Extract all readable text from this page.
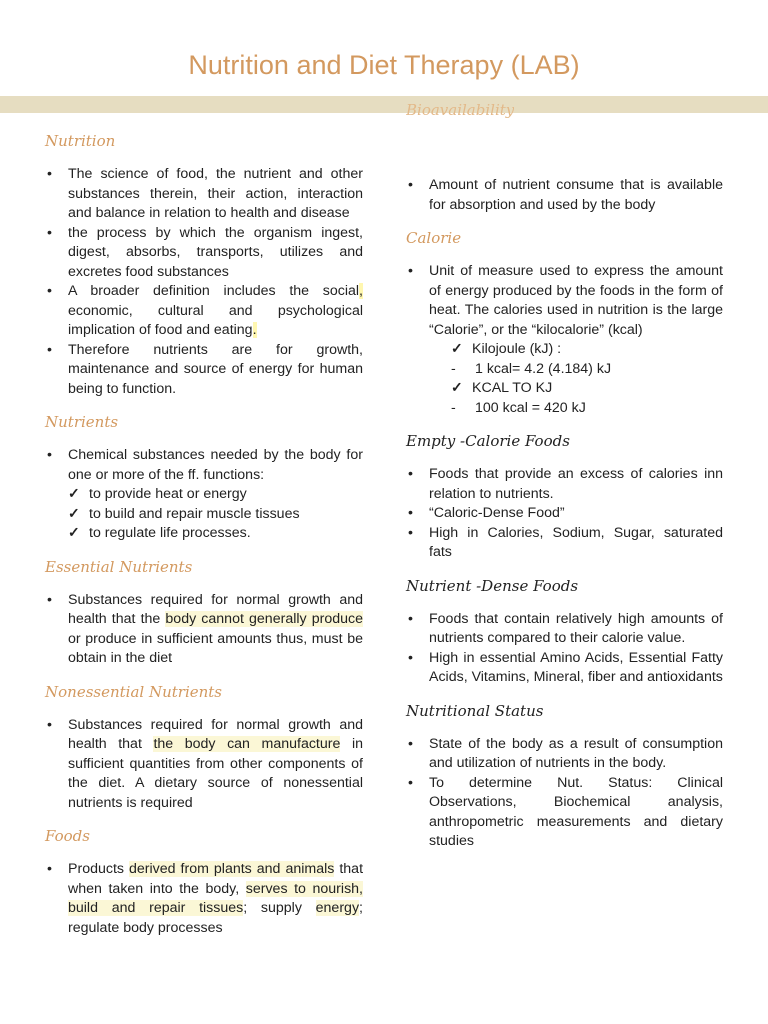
Nutrition and Diet Therapy (LAB)
Bioavailability
Nutrition
• The science of food, the nutrient and other substances therein, their action, interaction and balance in relation to health and disease
• the process by which the organism ingest, digest, absorbs, transports, utilizes and excretes food substances
• A broader definition includes the social, economic, cultural and psychological implication of food and eating.
• Therefore nutrients are for growth, maintenance and source of energy for human being to function.
Nutrients
• Chemical substances needed by the body for one or more of the ff. functions:
✓ to provide heat or energy
✓ to build and repair muscle tissues
✓ to regulate life processes.
Essential Nutrients
• Substances required for normal growth and health that the body cannot generally produce or produce in sufficient amounts thus, must be obtain in the diet
Nonessential Nutrients
• Substances required for normal growth and health that the body can manufacture in sufficient quantities from other components of the diet. A dietary source of nonessential nutrients is required
Foods
• Products derived from plants and animals that when taken into the body, serves to nourish, build and repair tissues; supply energy; regulate body processes
• Amount of nutrient consume that is available for absorption and used by the body
Calorie
• Unit of measure used to express the amount of energy produced by the foods in the form of heat. The calories used in nutrition is the large “Calorie”, or the “kilocalorie” (kcal)
✓ Kilojoule (kJ) :
- 1 kcal= 4.2 (4.184) kJ
✓ KCAL TO KJ
- 100 kcal = 420 kJ
Empty -Calorie Foods
• Foods that provide an excess of calories inn relation to nutrients.
• “Caloric-Dense Food”
• High in Calories, Sodium, Sugar, saturated fats
Nutrient -Dense Foods
• Foods that contain relatively high amounts of nutrients compared to their calorie value.
• High in essential Amino Acids, Essential Fatty Acids, Vitamins, Mineral, fiber and antioxidants
Nutritional Status
• State of the body as a result of consumption and utilization of nutrients in the body.
• To determine Nut. Status: Clinical Observations, Biochemical analysis, anthropometric measurements and dietary studies
